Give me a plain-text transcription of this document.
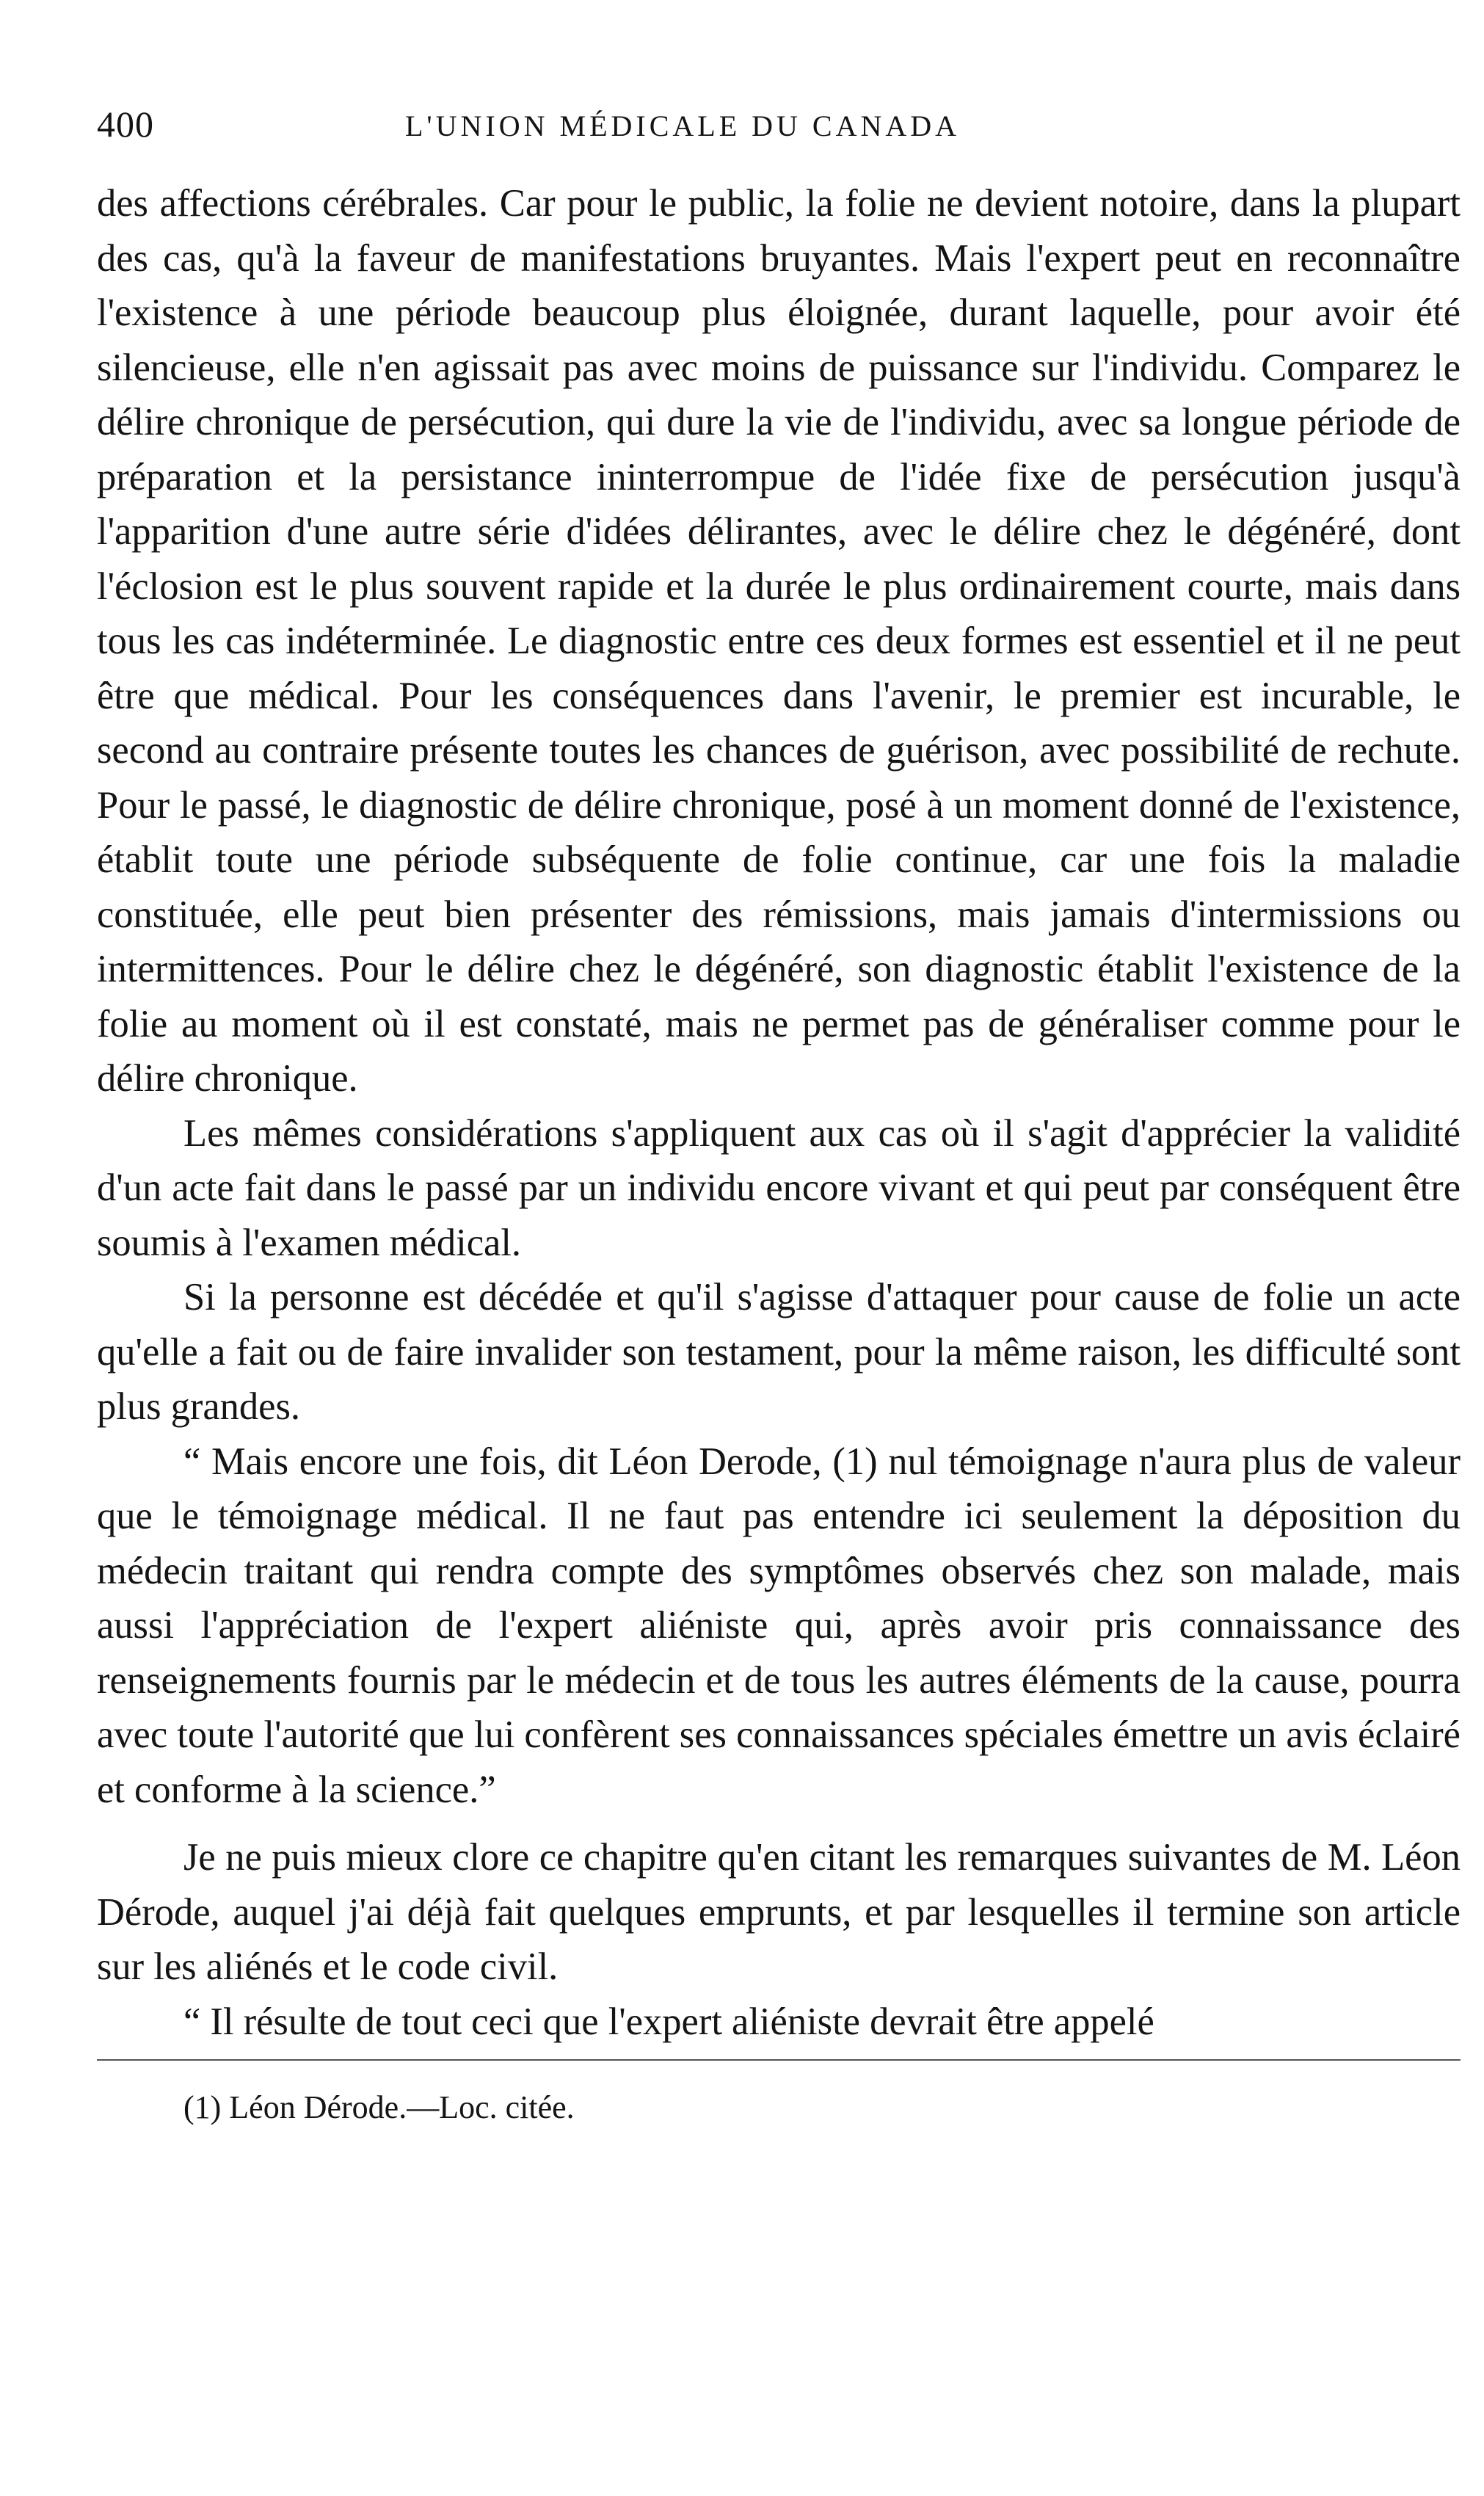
400	L'UNION MÉDICALE DU CANADA

des affections cérébrales. Car pour le public, la folie ne devient notoire, dans la plupart des cas, qu'à la faveur de manifestations bruyantes. Mais l'expert peut en reconnaître l'existence à une période beaucoup plus éloignée, durant laquelle, pour avoir été silencieuse, elle n'en agissait pas avec moins de puissance sur l'individu. Comparez le délire chronique de persécution, qui dure la vie de l'individu, avec sa longue période de préparation et la persistance ininterrompue de l'idée fixe de persécution jusqu'à l'apparition d'une autre série d'idées délirantes, avec le délire chez le dégénéré, dont l'éclosion est le plus souvent rapide et la durée le plus ordinairement courte, mais dans tous les cas indéterminée. Le diagnostic entre ces deux formes est essentiel et il ne peut être que médical. Pour les conséquences dans l'avenir, le premier est incurable, le second au contraire présente toutes les chances de guérison, avec possibilité de rechute. Pour le passé, le diagnostic de délire chronique, posé à un moment donné de l'existence, établit toute une période subséquente de folie continue, car une fois la maladie constituée, elle peut bien présenter des rémissions, mais jamais d'intermissions ou intermittences. Pour le délire chez le dégénéré, son diagnostic établit l'existence de la folie au moment où il est constaté, mais ne permet pas de généraliser comme pour le délire chronique.

Les mêmes considérations s'appliquent aux cas où il s'agit d'apprécier la validité d'un acte fait dans le passé par un individu encore vivant et qui peut par conséquent être soumis à l'examen médical.

Si la personne est décédée et qu'il s'agisse d'attaquer pour cause de folie un acte qu'elle a fait ou de faire invalider son testament, pour la même raison, les difficulté sont plus grandes.

“ Mais encore une fois, dit Léon Derode, (1) nul témoignage n'aura plus de valeur que le témoignage médical. Il ne faut pas entendre ici seulement la déposition du médecin traitant qui rendra compte des symptômes observés chez son malade, mais aussi l'appréciation de l'expert aliéniste qui, après avoir pris connaissance des renseignements fournis par le médecin et de tous les autres éléments de la cause, pourra avec toute l'autorité que lui confèrent ses connaissances spéciales émettre un avis éclairé et conforme à la science.”

Je ne puis mieux clore ce chapitre qu'en citant les remarques suivantes de M. Léon Dérode, auquel j'ai déjà fait quelques emprunts, et par lesquelles il termine son article sur les aliénés et le code civil.

“ Il résulte de tout ceci que l'expert aliéniste devrait être appelé

(1) Léon Dérode.—Loc. citée.
